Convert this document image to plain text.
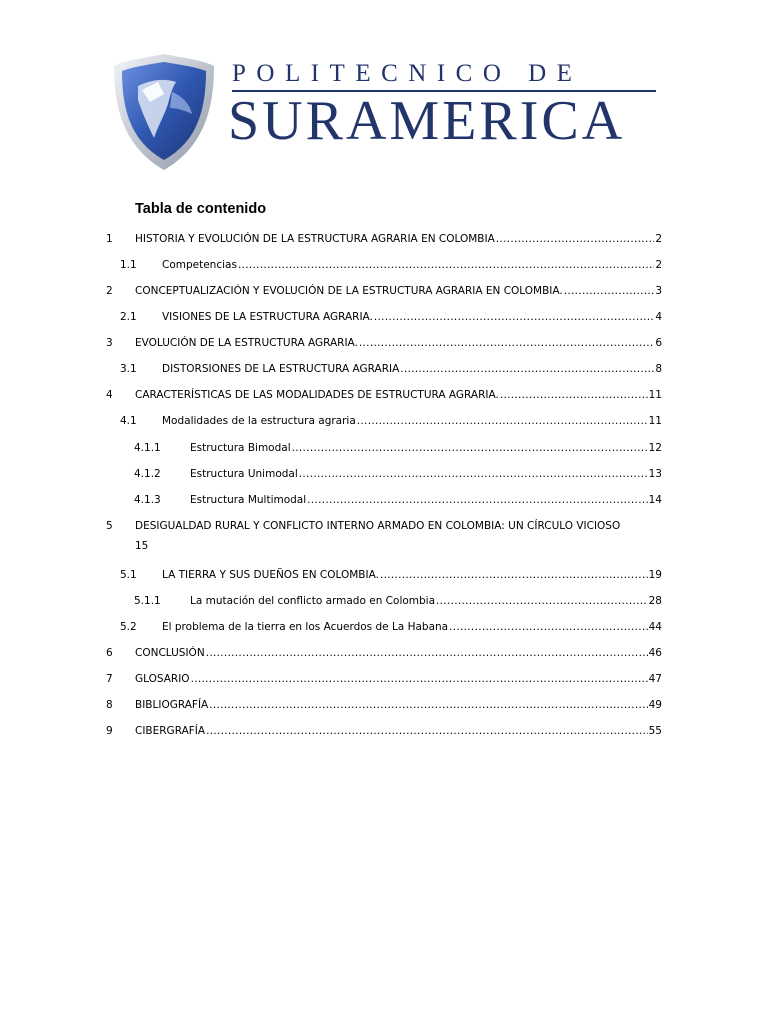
POLITECNICO DE
SURAMERICA
Tabla de contenido
1 HISTORIA Y EVOLUCIÓN DE LA ESTRUCTURA AGRARIA EN COLOMBIA .....	2
1.1 Competencias .....	2
2 CONCEPTUALIZACIÓN Y EVOLUCIÓN DE LA ESTRUCTURA AGRARIA EN COLOMBIA. .....	3
2.1 VISIONES DE LA ESTRUCTURA AGRARIA. .....	4
3 EVOLUCIÓN DE LA ESTRUCTURA AGRARIA. .....	6
3.1 DISTORSIONES DE LA ESTRUCTURA AGRARIA .....	8
4 CARACTERÍSTICAS DE LAS MODALIDADES DE ESTRUCTURA AGRARIA. .....	11
4.1 Modalidades de la estructura agraria .....	11
4.1.1	Estructura Bimodal .....	12
4.1.2	Estructura Unimodal .....	13
4.1.3	Estructura Multimodal .....	14
5 DESIGUALDAD RURAL Y CONFLICTO INTERNO ARMADO EN COLOMBIA: UN CÍRCULO VICIOSO
15
5.1 LA TIERRA Y SUS DUEÑOS EN COLOMBIA. .....	19
5.1.1	La mutación del conflicto armado en Colombia .....	28
5.2 El problema de la tierra en los Acuerdos de La Habana .....	44
6 CONCLUSIÓN .....	46
7 GLOSARIO .....	47
8 BIBLIOGRAFÍA .....	49
9 CIBERGRAFÍA .....	55
